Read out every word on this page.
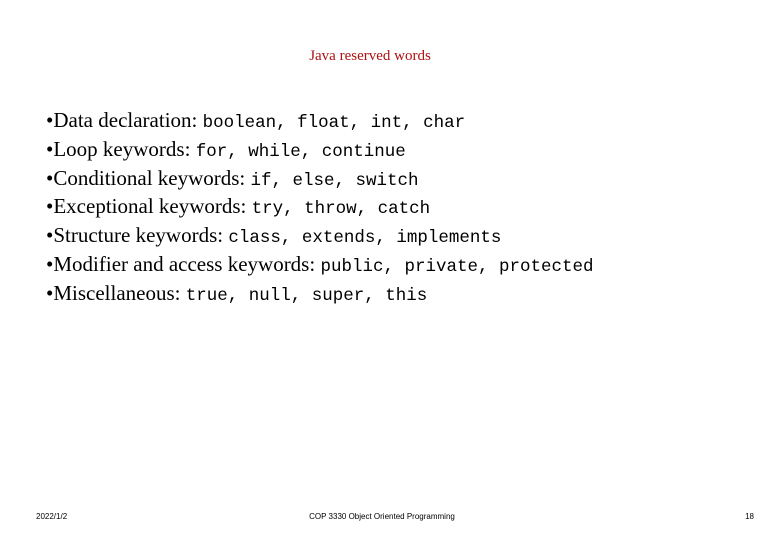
Java reserved words
•Data declaration: boolean, float, int, char
•Loop keywords: for, while, continue
•Conditional keywords: if, else, switch
•Exceptional keywords: try, throw, catch
•Structure keywords: class, extends, implements
•Modifier and access keywords: public, private, protected
•Miscellaneous: true, null, super, this
2022/1/2	COP 3330 Object Oriented Programming	18
